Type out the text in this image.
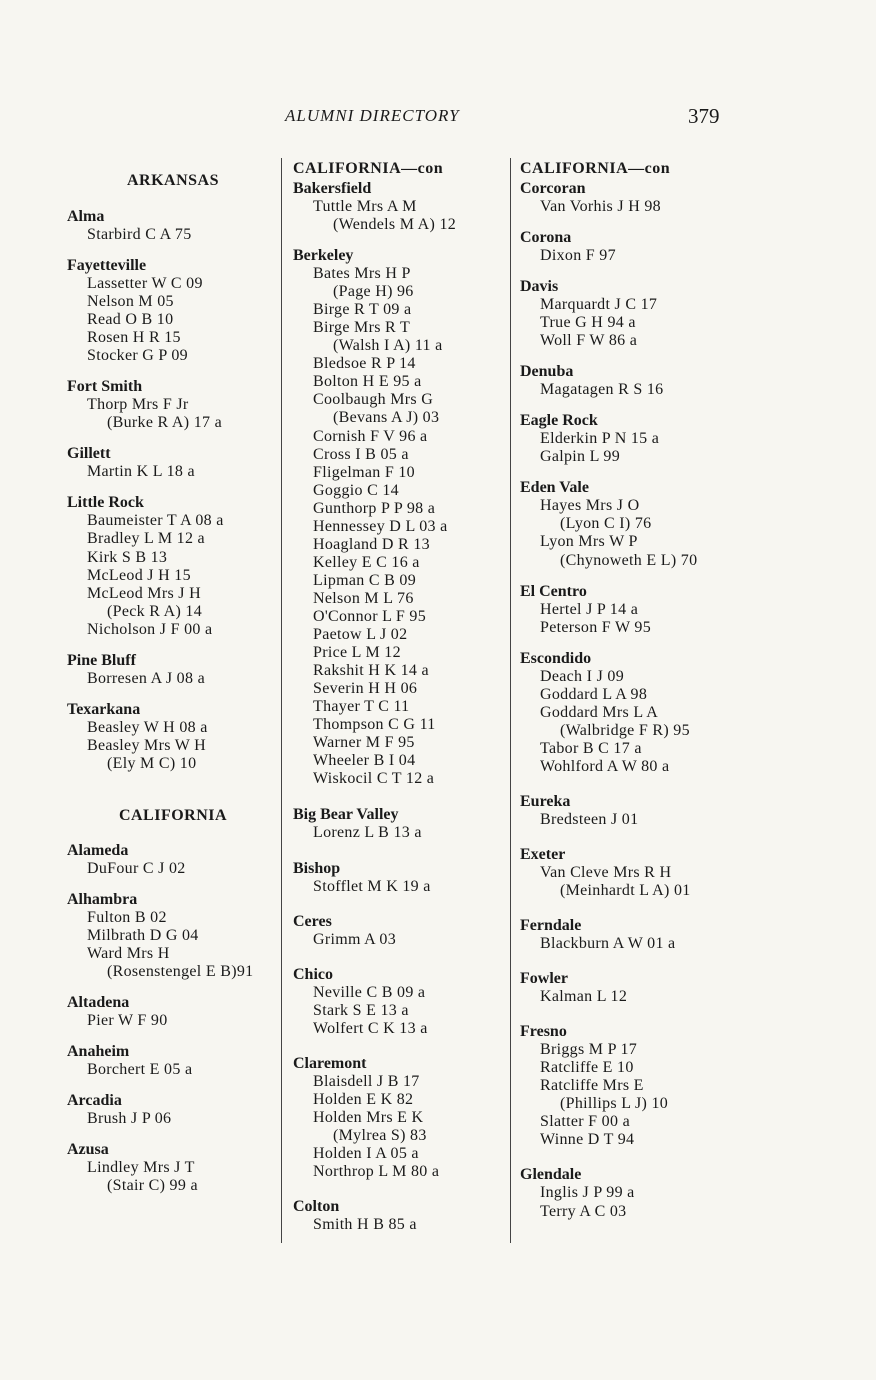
ALUMNI DIRECTORY	379
ARKANSAS
Alma
Starbird C A 75
Fayetteville
Lassetter W C 09
Nelson M 05
Read O B 10
Rosen H R 15
Stocker G P 09
Fort Smith
Thorp Mrs F Jr
(Burke R A) 17 a
Gillett
Martin K L 18 a
Little Rock
Baumeister T A 08 a
Bradley L M 12 a
Kirk S B 13
McLeod J H 15
McLeod Mrs J H
(Peck R A) 14
Nicholson J F 00 a
Pine Bluff
Borresen A J 08 a
Texarkana
Beasley W H 08 a
Beasley Mrs W H
(Ely M C) 10
CALIFORNIA
Alameda
DuFour C J 02
Alhambra
Fulton B 02
Milbrath D G 04
Ward Mrs H
(Rosenstengel E B)91
Altadena
Pier W F 90
Anaheim
Borchert E 05 a
Arcadia
Brush J P 06
Azusa
Lindley Mrs J T
(Stair C) 99 a
CALIFORNIA—con
Bakersfield
Tuttle Mrs A M
(Wendels M A) 12
Berkeley
Bates Mrs H P
(Page H) 96
Birge R T 09 a
Birge Mrs R T
(Walsh I A) 11 a
Bledsoe R P 14
Bolton H E 95 a
Coolbaugh Mrs G
(Bevans A J) 03
Cornish F V 96 a
Cross I B 05 a
Fligelman F 10
Goggio C 14
Gunthorp P P 98 a
Hennessey D L 03 a
Hoagland D R 13
Kelley E C 16 a
Lipman C B 09
Nelson M L 76
O'Connor L F 95
Paetow L J 02
Price L M 12
Rakshit H K 14 a
Severin H H 06
Thayer T C 11
Thompson C G 11
Warner M F 95
Wheeler B I 04
Wiskocil C T 12 a
Big Bear Valley
Lorenz L B 13 a
Bishop
Stofflet M K 19 a
Ceres
Grimm A 03
Chico
Neville C B 09 a
Stark S E 13 a
Wolfert C K 13 a
Claremont
Blaisdell J B 17
Holden E K 82
Holden Mrs E K
(Mylrea S) 83
Holden I A 05 a
Northrop L M 80 a
Colton
Smith H B 85 a
CALIFORNIA—con
Corcoran
Van Vorhis J H 98
Corona
Dixon F 97
Davis
Marquardt J C 17
True G H 94 a
Woll F W 86 a
Denuba
Magatagen R S 16
Eagle Rock
Elderkin P N 15 a
Galpin L 99
Eden Vale
Hayes Mrs J O
(Lyon C I) 76
Lyon Mrs W P
(Chynoweth E L) 70
El Centro
Hertel J P 14 a
Peterson F W 95
Escondido
Deach I J 09
Goddard L A 98
Goddard Mrs L A
(Walbridge F R) 95
Tabor B C 17 a
Wohlford A W 80 a
Eureka
Bredsteen J 01
Exeter
Van Cleve Mrs R H
(Meinhardt L A) 01
Ferndale
Blackburn A W 01 a
Fowler
Kalman L 12
Fresno
Briggs M P 17
Ratcliffe E 10
Ratcliffe Mrs E
(Phillips L J) 10
Slatter F 00 a
Winne D T 94
Glendale
Inglis J P 99 a
Terry A C 03
